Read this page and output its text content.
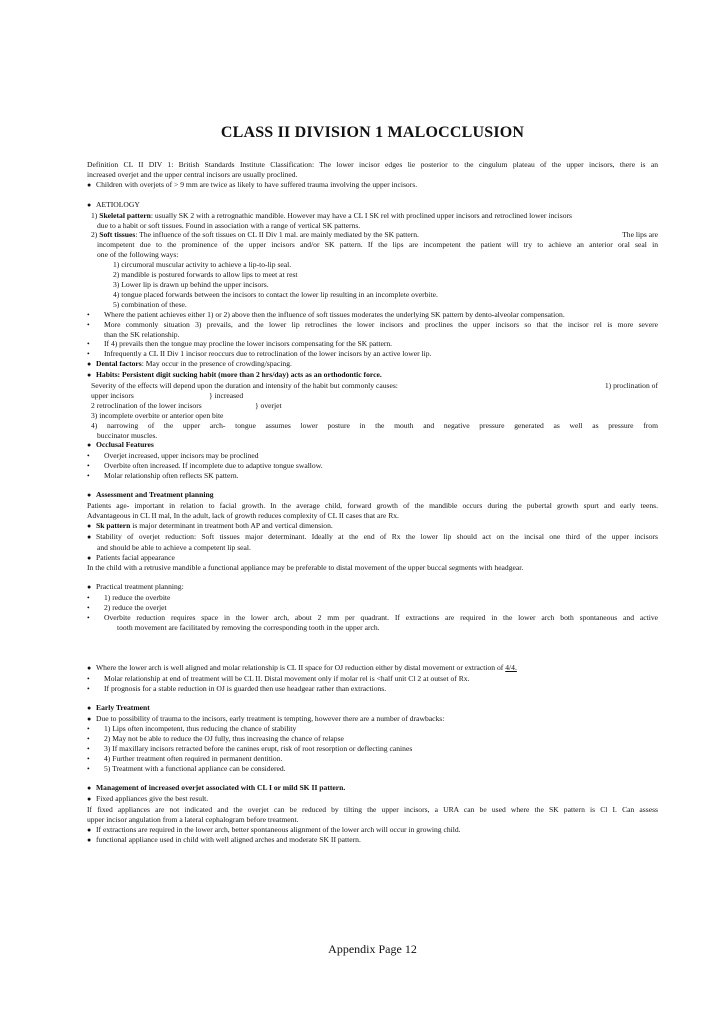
CLASS II DIVISION 1 MALOCCLUSION
Definition CL II DIV 1: British Standards Institute Classification: The lower incisor edges lie posterior to the cingulum plateau of the upper incisors, there is an
increased overjet and the upper central incisors are usually proclined.
● Children with overjets of > 9 mm are twice as likely to have suffered trauma involving the upper incisors.
● AETIOLOGY
1) Skeletal pattern: usually SK 2 with a retrognathic mandible. However may have a CL I SK rel with proclined upper incisors and retroclined lower incisors
due to a habit or soft tissues. Found in association with a range of vertical SK patterns.
2) Soft tissues: The influence of the soft tissues on CL II Div 1 mal. are mainly mediated by the SK pattern.	The lips are
incompetent due to the prominence of the upper incisors and/or SK pattern. If the lips are incompetent the patient will try to achieve an anterior oral seal in
one of the following ways:
1) circumoral muscular activity to achieve a lip-to-lip seal.
2) mandible is postured forwards to allow lips to meet at rest
3) Lower lip is drawn up behind the upper incisors.
4) tongue placed forwards between the incisors to contact the lower lip resulting in an incomplete overbite.
5) combination of these.
• Where the patient achieves either 1) or 2) above then the influence of soft tissues moderates the underlying SK pattern by dento-alveolar compensation.
• More commonly situation 3) prevails, and the lower lip retroclines the lower incisors and proclines the upper incisors so that the incisor rel is more severe
than the SK relationship.
• If 4) prevails then the tongue may procline the lower incisors compensating for the SK pattern.
• Infrequently a CL II Div 1 incisor reoccurs due to retroclination of the lower incisors by an active lower lip.
● Dental factors: May occur in the presence of crowding/spacing.
● Habits: Persistent digit sucking habit (more than 2 hrs/day) acts as an orthodontic force.
Severity of the effects will depend upon the duration and intensity of the habit but commonly causes:	1) proclination of
upper incisors	} increased
2 retroclination of the lower incisors	} overjet
3) incomplete overbite or anterior open bite
4) narrowing of the upper arch- tongue assumes lower posture in the mouth and negative pressure generated as well as pressure from
buccinator muscles.
● Occlusal Features
• Overjet increased, upper incisors may be proclined
• Overbite often increased. If incomplete due to adaptive tongue swallow.
• Molar relationship often reflects SK pattern.
● Assessment and Treatment planning
Patients age- important in relation to facial growth. In the average child, forward growth of the mandible occurs during the pubertal growth spurt and early teens.
Advantageous in CL II mal, In the adult, lack of growth reduces complexity of CL II cases that are Rx.
● Sk pattern is major determinant in treatment both AP and vertical dimension.
● Stability of overjet reduction: Soft tissues major determinant. Ideally at the end of Rx the lower lip should act on the incisal one third of the upper incisors
and should be able to achieve a competent lip seal.
● Patients facial appearance
In the child with a retrusive mandible a functional appliance may be preferable to distal movement of the upper buccal segments with headgear.
● Practical treatment planning:
• 1) reduce the overbite
• 2) reduce the overjet
• Overbite reduction requires space in the lower arch, about 2 mm per quadrant. If extractions are required in the lower arch both spontaneous and active
tooth movement are facilitated by removing the corresponding tooth in the upper arch.
● Where the lower arch is well aligned and molar relationship is CL II space for OJ reduction either by distal movement or extraction of 4/4.
• Molar relationship at end of treatment will be CL II. Distal movement only if molar rel is <half unit Cl 2 at outset of Rx.
• If prognosis for a stable reduction in OJ is guarded then use headgear rather than extractions.
● Early Treatment
● Due to possibility of trauma to the incisors, early treatment is tempting, however there are a number of drawbacks:
• 1) Lips often incompetent, thus reducing the chance of stability
• 2) May not be able to reduce the OJ fully, thus increasing the chance of relapse
• 3) If maxillary incisors retracted before the canines erupt, risk of root resorption or deflecting canines
• 4) Further treatment often required in permanent dentition.
• 5) Treatment with a functional appliance can be considered.
● Management of increased overjet associated with CL I or mild SK II pattern.
● Fixed appliances give the best result.
If fixed appliances are not indicated and the overjet can be reduced by tilting the upper incisors, a URA can be used where the SK pattern is Cl I. Can assess
upper incisor angulation from a lateral cephalogram before treatment.
● If extractions are required in the lower arch, better spontaneous alignment of the lower arch will occur in growing child.
● functional appliance used in child with well aligned arches and moderate SK II pattern.
Appendix Page 12
